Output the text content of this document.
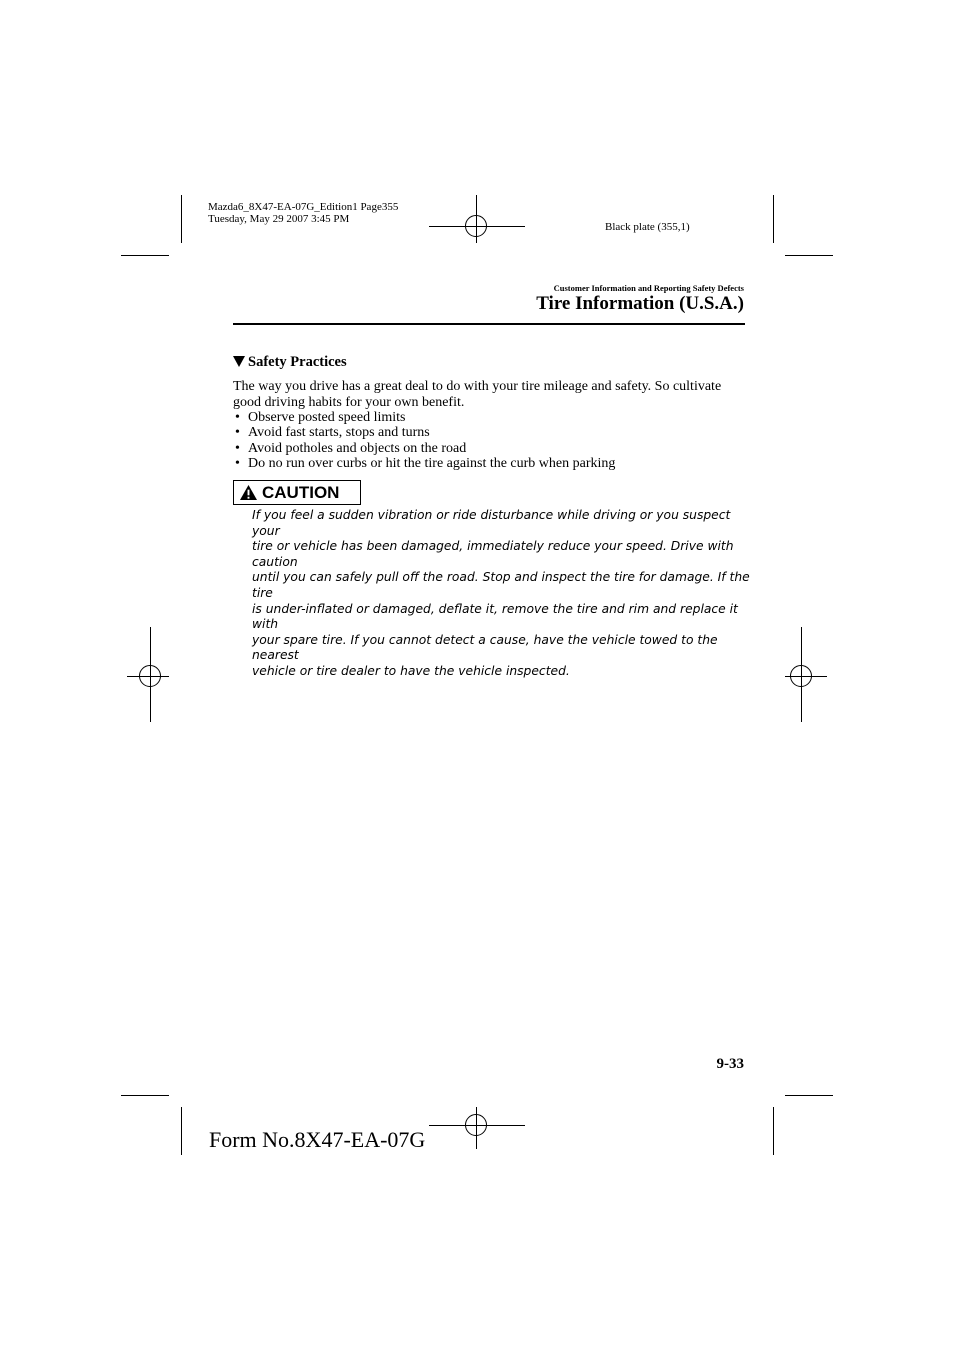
Mazda6_8X47-EA-07G_Edition1 Page355
Tuesday, May 29 2007 3:45 PM
Black plate (355,1)
Customer Information and Reporting Safety Defects
Tire Information (U.S.A.)
Safety Practices
The way you drive has a great deal to do with your tire mileage and safety. So cultivate
good driving habits for your own benefit.
• Observe posted speed limits
• Avoid fast starts, stops and turns
• Avoid potholes and objects on the road
• Do no run over curbs or hit the tire against the curb when parking
CAUTION
If you feel a sudden vibration or ride disturbance while driving or you suspect your
tire or vehicle has been damaged, immediately reduce your speed. Drive with caution
until you can safely pull off the road. Stop and inspect the tire for damage. If the tire
is under-inflated or damaged, deflate it, remove the tire and rim and replace it with
your spare tire. If you cannot detect a cause, have the vehicle towed to the nearest
vehicle or tire dealer to have the vehicle inspected.
9-33
Form No.8X47-EA-07G
